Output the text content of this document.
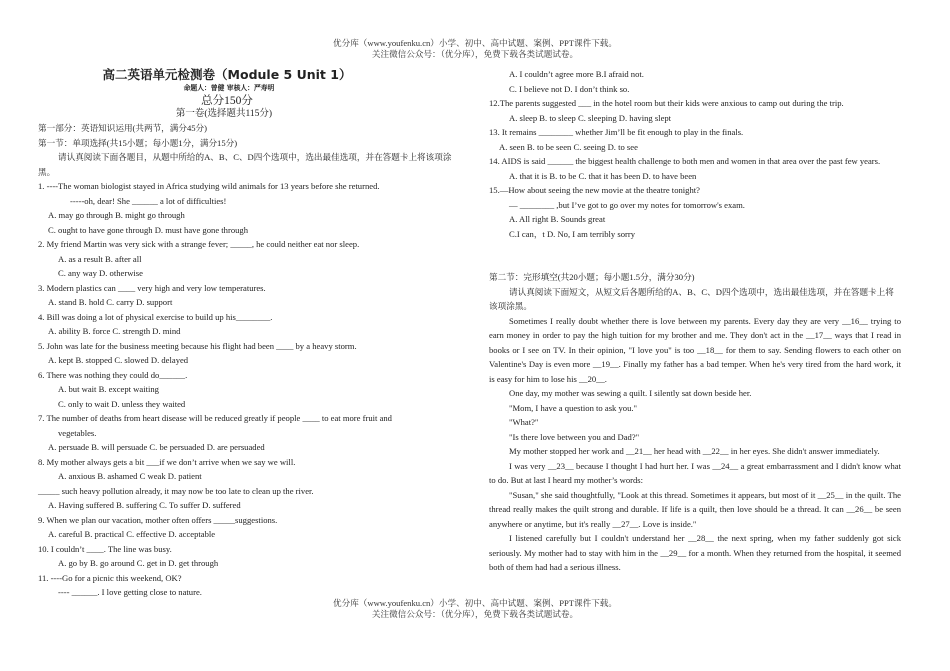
优分库（www.youfenku.cn）小学、初中、高中试题、案例、PPT课件下载。
关注微信公众号：（优分库），免费下载各类试题试卷。
高二英语单元检测卷（Module 5 Unit 1）
命题人：曾健 审核人：严寿明
总分150分
第一卷(选择题共115分)
第一部分：英语知识运用(共两节，满分45分)
第一节：单项选择(共15小题；每小题1分，满分15分)
请认真阅读下面各题目，从题中所给的A、B、C、D四个选项中，选出最佳选项，并在答题卡上将该项涂黑。
1. ----The woman biologist stayed in Africa studying wild animals for 13 years before she returned.
-----oh, dear! She ______ a lot of difficulties!
A. may go through B. might go through
C. ought to have gone through D. must have gone through
2. My friend Martin was very sick with a strange fever; _____, he could neither eat nor sleep.
A. as a result B. after all
C. any way D. otherwise
3. Modern plastics can ____ very high and very low temperatures.
A. stand B. hold C. carry D. support
4. Bill was doing a lot of physical exercise to build up his________.
A. ability B. force C. strength D. mind
5. John was late for the business meeting because his flight had been ____ by a heavy storm.
A. kept B. stopped C. slowed D. delayed
6. There was nothing they could do______.
A. but wait B. except waiting
C. only to wait D. unless they waited
7. The number of deaths from heart disease will be reduced greatly if people ____ to eat more fruit and
vegetables.
A. persuade B. will persuade C. be persuaded D. are persuaded
8. My mother always gets a bit ___if we don’t arrive when we say we will.
A. anxious B. ashamed C weak D. patient
_____ such heavy pollution already, it may now be too late to clean up the river.
A. Having suffered B. suffering C. To suffer D. suffered
9. When we plan our vacation, mother often offers _____suggestions.
A. careful B. practical C. effective D. acceptable
10. I couldn’t ____. The line was busy.
A. go by B. go around C. get in D. get through
11. ----Go for a picnic this weekend, OK?
---- ______. I love getting close to nature.
A. I couldn’t agree more B.I afraid not.
C. I believe not D. I don’t think so.
12.The parents suggested ___ in the hotel room but their kids were anxious to camp out during the trip.
A. sleep B. to sleep C. sleeping D. having slept
13. It remains ________ whether Jim’ll be fit enough to play in the finals.
A. seen B. to be seen C. seeing D. to see
14. AIDS is said ______ the biggest health challenge to both men and women in that area over the past few years.
A. that it is B. to be C. that it has been D. to have been
15.—How about seeing the new movie at the theatre tonight?
— ________ ,but I’ve got to go over my notes for tomorrow's exam.
A. All right B. Sounds great
C.I can，t D. No, I am terribly sorry
第二节：完形填空(共20小题；每小题1.5分，满分30分)
请认真阅读下面短文，从短文后各题所给的A、B、C、D四个选项中，选出最佳选项，并在答题卡上将该项涂黑。
Sometimes I really doubt whether there is love between my parents. Every day they are very __16__ trying to earn money in order to pay the high tuition for my brother and me. They don't act in the __17__ ways that I read in books or I see on TV. In their opinion, "I love you" is too __18__ for them to say. Sending flowers to each other on Valentine's Day is even more __19__. Finally my father has a bad temper. When he's very tired from the hard work, it is easy for him to lose his __20__.
One day, my mother was sewing a quilt. I silently sat down beside her.
"Mom, I have a question to ask you."
"What?"
"Is there love between you and Dad?"
My mother stopped her work and __21__ her head with __22__ in her eyes. She didn't answer immediately.
I was very __23__ because I thought I had hurt her. I was __24__ a great embarrassment and I didn't know what to do. But at last I heard my mother’s words:
"Susan," she said thoughtfully, "Look at this thread. Sometimes it appears, but most of it __25__ in the quilt. The thread really makes the quilt strong and durable. If life is a quilt, then love should be a thread. It can __26__ be seen anywhere or anytime, but it's really __27__. Love is inside."
I listened carefully but I couldn't understand her __28__ the next spring, when my father suddenly got sick seriously. My mother had to stay with him in the __29__ for a month. When they returned from the hospital, it seemed both of them had had a serious illness.
优分库（www.youfenku.cn）小学、初中、高中试题、案例、PPT课件下载。
关注微信公众号：（优分库），免费下载各类试题试卷。
